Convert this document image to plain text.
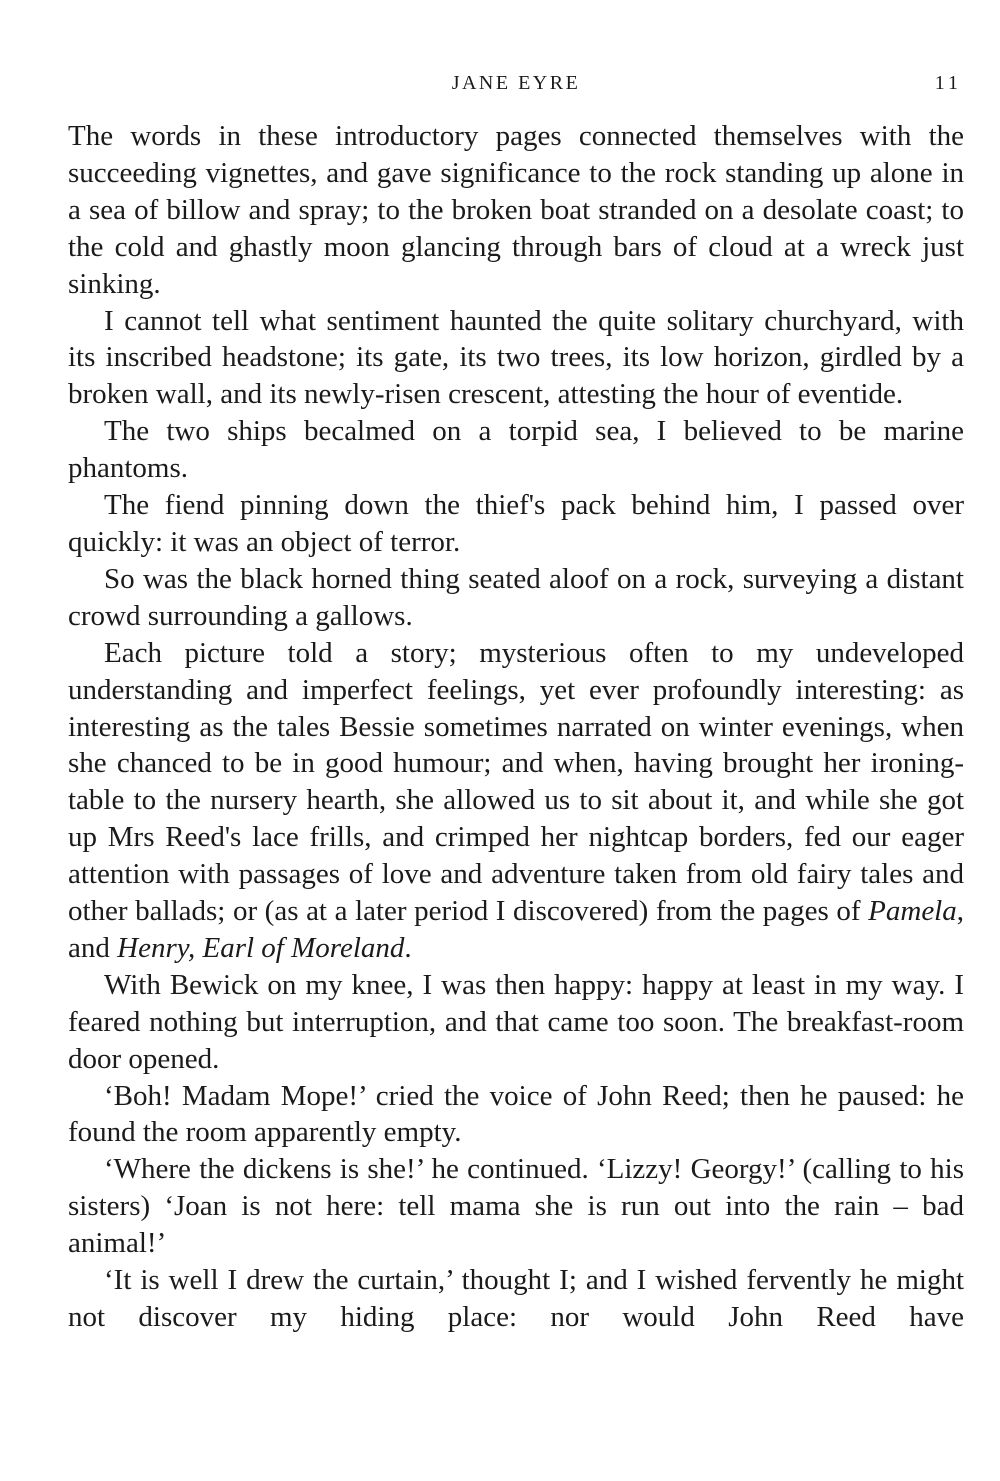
JANE EYRE	11

The words in these introductory pages connected themselves with the succeeding vignettes, and gave significance to the rock standing up alone in a sea of billow and spray; to the broken boat stranded on a desolate coast; to the cold and ghastly moon glancing through bars of cloud at a wreck just sinking.

I cannot tell what sentiment haunted the quite solitary churchyard, with its inscribed headstone; its gate, its two trees, its low horizon, girdled by a broken wall, and its newly-risen crescent, attesting the hour of eventide.

The two ships becalmed on a torpid sea, I believed to be marine phantoms.

The fiend pinning down the thief's pack behind him, I passed over quickly: it was an object of terror.

So was the black horned thing seated aloof on a rock, surveying a distant crowd surrounding a gallows.

Each picture told a story; mysterious often to my undeveloped understanding and imperfect feelings, yet ever profoundly interesting: as interesting as the tales Bessie sometimes narrated on winter evenings, when she chanced to be in good humour; and when, having brought her ironing-table to the nursery hearth, she allowed us to sit about it, and while she got up Mrs Reed's lace frills, and crimped her nightcap borders, fed our eager attention with passages of love and adventure taken from old fairy tales and other ballads; or (as at a later period I discovered) from the pages of Pamela, and Henry, Earl of Moreland.

With Bewick on my knee, I was then happy: happy at least in my way. I feared nothing but interruption, and that came too soon. The breakfast-room door opened.

‘Boh! Madam Mope!’ cried the voice of John Reed; then he paused: he found the room apparently empty.

‘Where the dickens is she!’ he continued. ‘Lizzy! Georgy!’ (calling to his sisters) ‘Joan is not here: tell mama she is run out into the rain – bad animal!’

‘It is well I drew the curtain,’ thought I; and I wished fervently he might not discover my hiding place: nor would John Reed have
